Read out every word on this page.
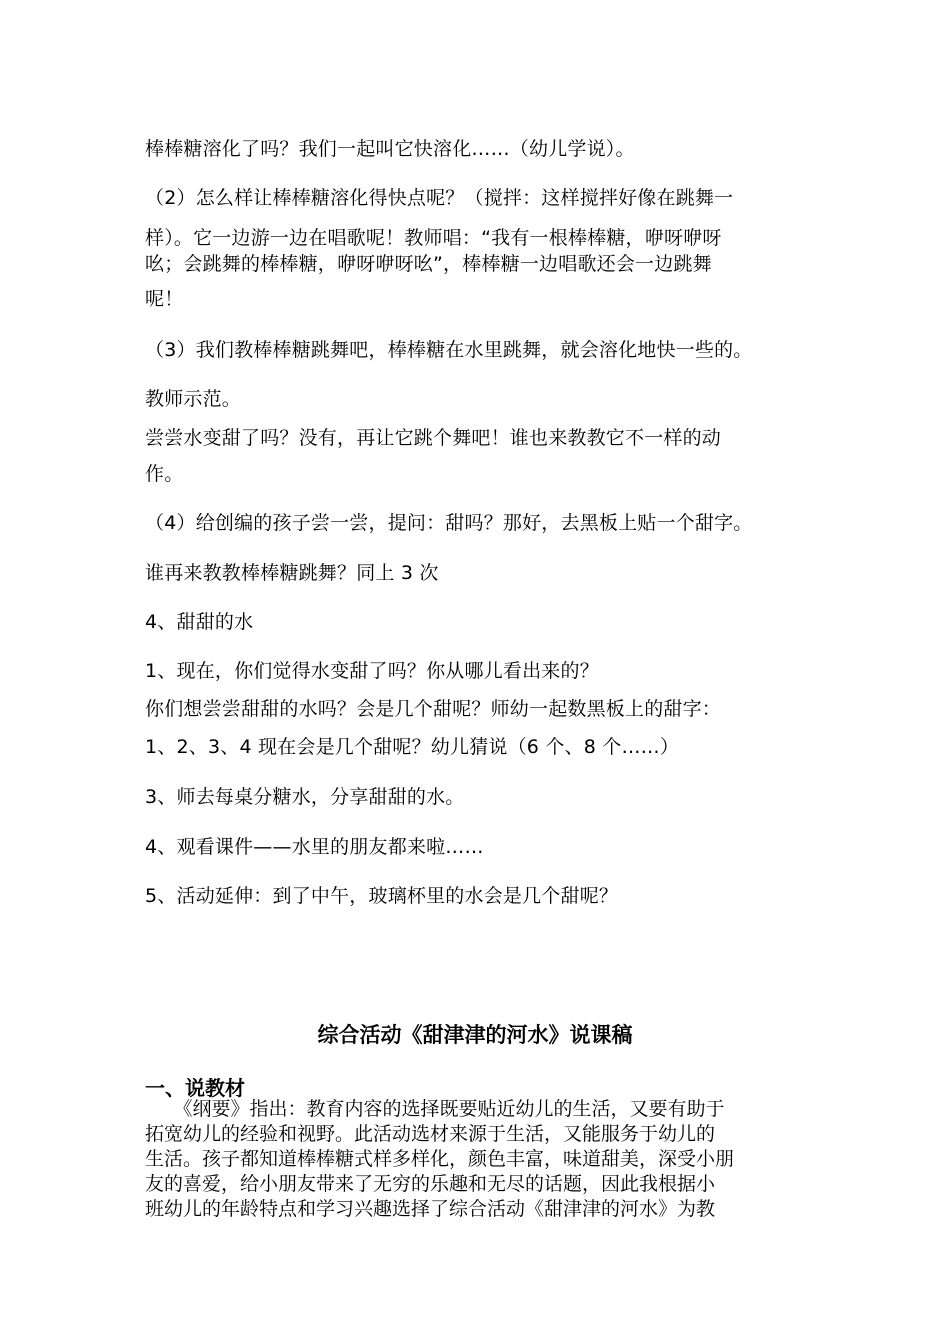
棒棒糖溶化了吗？我们一起叫它快溶化……（幼儿学说）。
（2）怎么样让棒棒糖溶化得快点呢？（搅拌：这样搅拌好像在跳舞一
样）。它一边游一边在唱歌呢！教师唱：“我有一根棒棒糖，咿呀咿呀
吆；会跳舞的棒棒糖，咿呀咿呀吆”，棒棒糖一边唱歌还会一边跳舞
呢！
（3）我们教棒棒糖跳舞吧，棒棒糖在水里跳舞，就会溶化地快一些的。
教师示范。
尝尝水变甜了吗？没有，再让它跳个舞吧！谁也来教教它不一样的动
作。
（4）给创编的孩子尝一尝，提问：甜吗？那好，去黑板上贴一个甜字。
谁再来教教棒棒糖跳舞？同上 3 次
4、甜甜的水
1、现在，你们觉得水变甜了吗？你从哪儿看出来的？
你们想尝尝甜甜的水吗？会是几个甜呢？师幼一起数黑板上的甜字：
1、2、3、4 现在会是几个甜呢？幼儿猜说（6 个、8 个……）
3、师去每桌分糖水，分享甜甜的水。
4、观看课件——水里的朋友都来啦……
5、活动延伸：到了中午，玻璃杯里的水会是几个甜呢？
综合活动《甜津津的河水》说课稿
一、说教材
　　《纲要》指出：教育内容的选择既要贴近幼儿的生活，又要有助于
拓宽幼儿的经验和视野。此活动选材来源于生活，又能服务于幼儿的
生活。孩子都知道棒棒糖式样多样化，颜色丰富，味道甜美，深受小朋
友的喜爱，给小朋友带来了无穷的乐趣和无尽的话题，因此我根据小
班幼儿的年龄特点和学习兴趣选择了综合活动《甜津津的河水》为教
